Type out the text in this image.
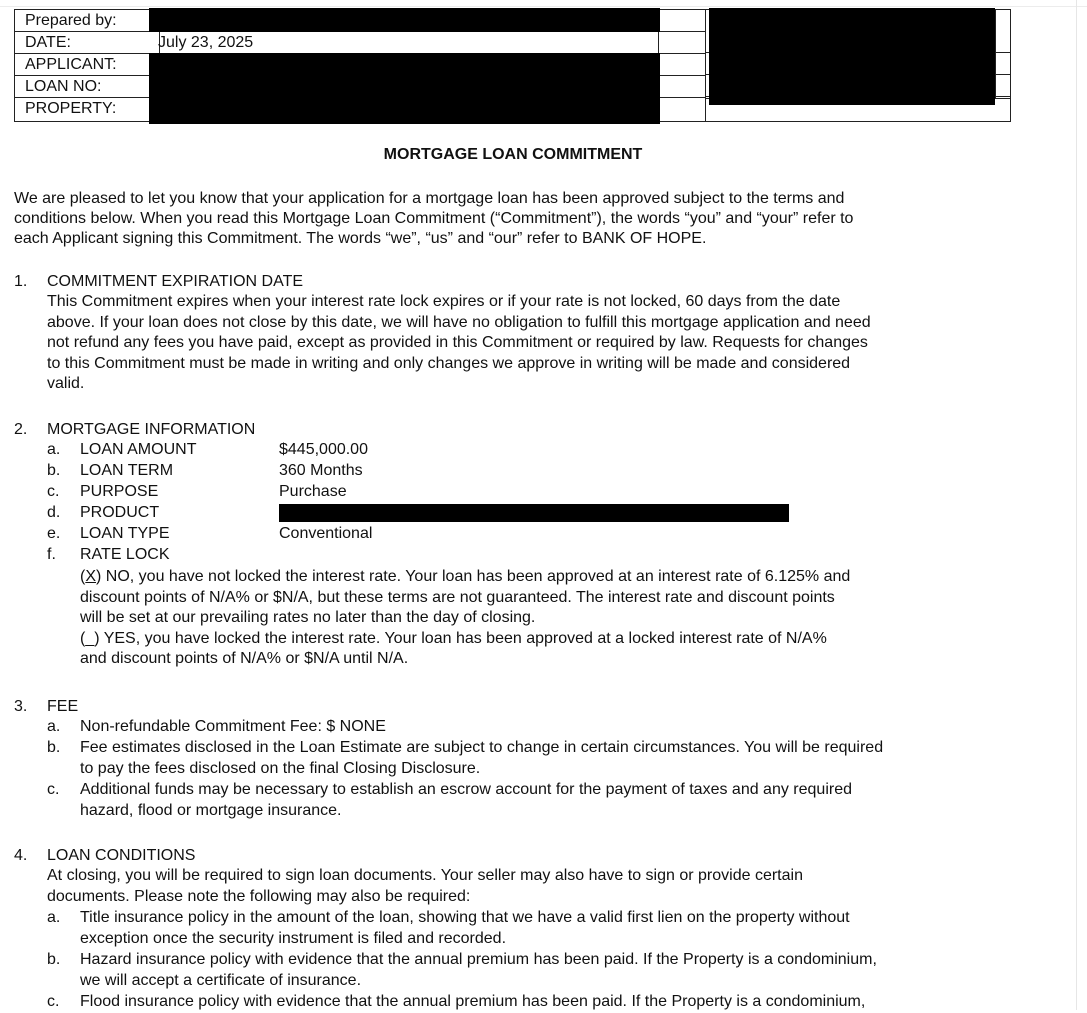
Prepared by:
DATE:	July 23, 2025
APPLICANT:
LOAN NO:
PROPERTY:
MORTGAGE LOAN COMMITMENT
We are pleased to let you know that your application for a mortgage loan has been approved subject to the terms and
conditions below. When you read this Mortgage Loan Commitment (“Commitment”), the words “you” and “your” refer to
each Applicant signing this Commitment. The words “we”, “us” and “our” refer to BANK OF HOPE.
1. COMMITMENT EXPIRATION DATE
This Commitment expires when your interest rate lock expires or if your rate is not locked, 60 days from the date
above. If your loan does not close by this date, we will have no obligation to fulfill this mortgage application and need
not refund any fees you have paid, except as provided in this Commitment or required by law. Requests for changes
to this Commitment must be made in writing and only changes we approve in writing will be made and considered
valid.
2. MORTGAGE INFORMATION
a. LOAN AMOUNT	$445,000.00
b. LOAN TERM	360 Months
c. PURPOSE	Purchase
d. PRODUCT
e. LOAN TYPE	Conventional
f. RATE LOCK
(X) NO, you have not locked the interest rate. Your loan has been approved at an interest rate of 6.125% and
discount points of N/A% or $N/A, but these terms are not guaranteed. The interest rate and discount points
will be set at our prevailing rates no later than the day of closing.
(_) YES, you have locked the interest rate. Your loan has been approved at a locked interest rate of N/A%
and discount points of N/A% or $N/A until N/A.
3. FEE
a. Non-refundable Commitment Fee: $ NONE
b. Fee estimates disclosed in the Loan Estimate are subject to change in certain circumstances. You will be required
to pay the fees disclosed on the final Closing Disclosure.
c. Additional funds may be necessary to establish an escrow account for the payment of taxes and any required
hazard, flood or mortgage insurance.
4. LOAN CONDITIONS
At closing, you will be required to sign loan documents. Your seller may also have to sign or provide certain
documents. Please note the following may also be required:
a. Title insurance policy in the amount of the loan, showing that we have a valid first lien on the property without
exception once the security instrument is filed and recorded.
b. Hazard insurance policy with evidence that the annual premium has been paid. If the Property is a condominium,
we will accept a certificate of insurance.
c. Flood insurance policy with evidence that the annual premium has been paid. If the Property is a condominium,
